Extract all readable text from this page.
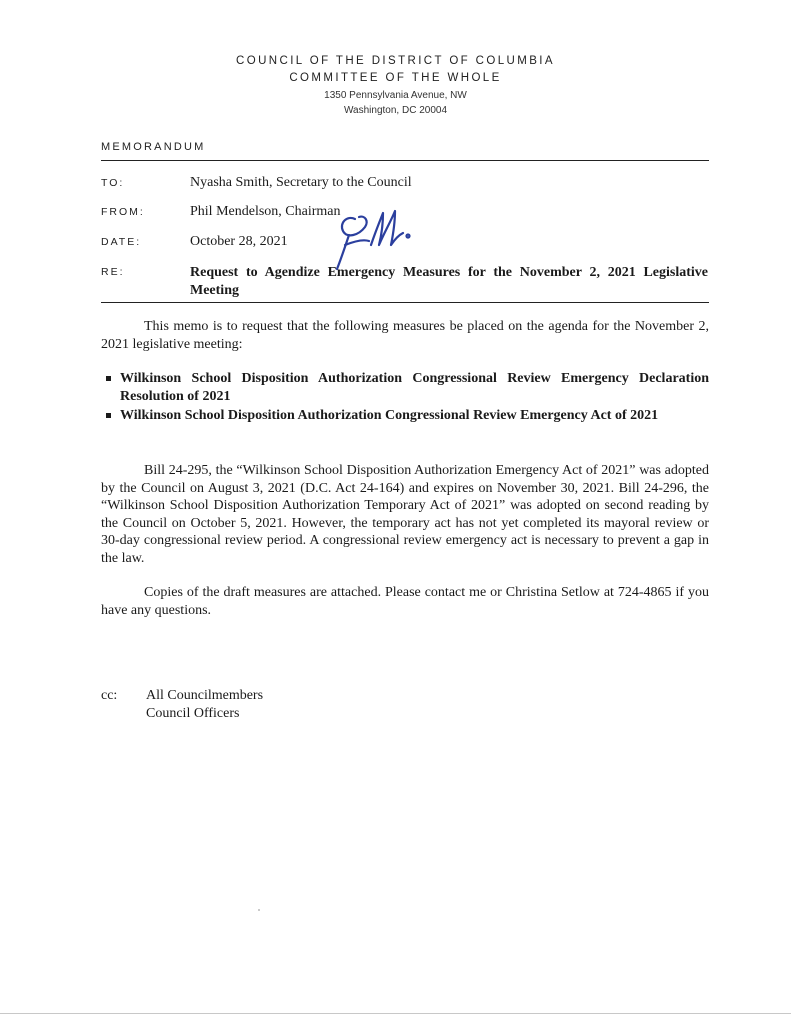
COUNCIL OF THE DISTRICT OF COLUMBIA
COMMITTEE OF THE WHOLE
1350 Pennsylvania Avenue, NW
Washington, DC 20004
MEMORANDUM
TO:	Nyasha Smith, Secretary to the Council
FROM:	Phil Mendelson, Chairman
DATE:	October 28, 2021
RE:	Request to Agendize Emergency Measures for the November 2, 2021 Legislative Meeting
This memo is to request that the following measures be placed on the agenda for the November 2, 2021 legislative meeting:
Wilkinson School Disposition Authorization Congressional Review Emergency Declaration Resolution of 2021
Wilkinson School Disposition Authorization Congressional Review Emergency Act of 2021
Bill 24-295, the “Wilkinson School Disposition Authorization Emergency Act of 2021” was adopted by the Council on August 3, 2021 (D.C. Act 24-164) and expires on November 30, 2021. Bill 24-296, the “Wilkinson School Disposition Authorization Temporary Act of 2021” was adopted on second reading by the Council on October 5, 2021. However, the temporary act has not yet completed its mayoral review or 30-day congressional review period. A congressional review emergency act is necessary to prevent a gap in the law.
Copies of the draft measures are attached. Please contact me or Christina Setlow at 724-4865 if you have any questions.
cc: All Councilmembers
Council Officers
